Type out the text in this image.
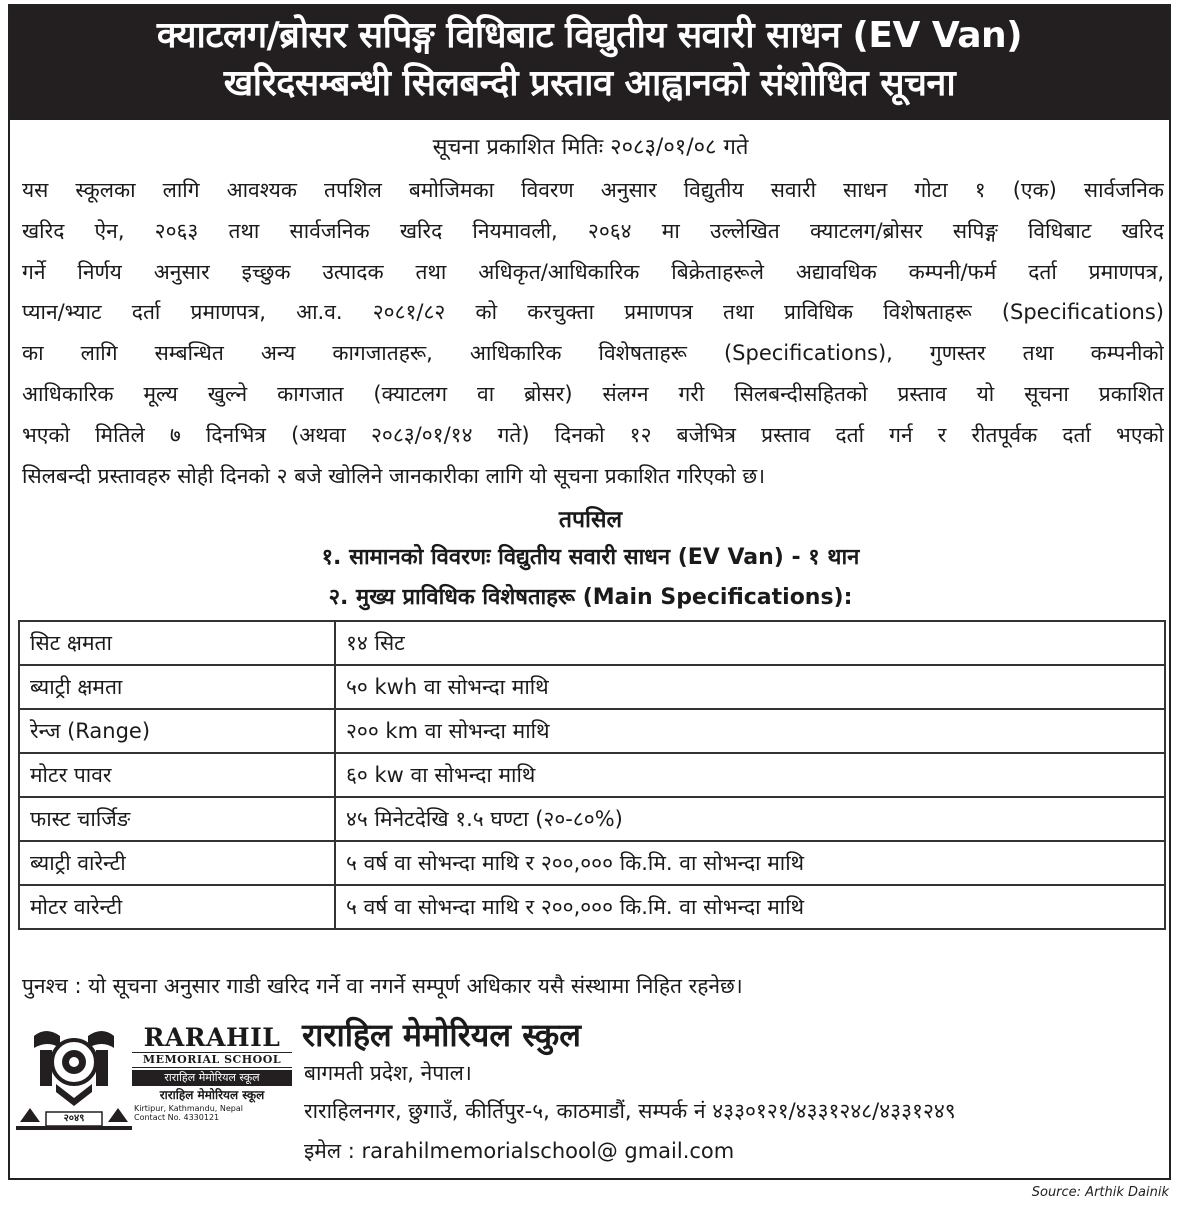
क्याटलग/ब्रोसर सपिङ्ग विधिबाट विद्युतीय सवारी साधन (EV Van)
खरिदसम्बन्धी सिलबन्दी प्रस्ताव आह्वानको संशोधित सूचना
सूचना प्रकाशित मितिः २०८३/०१/०८ गते
यस स्कूलका लागि आवश्यक तपशिल बमोजिमका विवरण अनुसार विद्युतीय सवारी साधन गोटा १ (एक) सार्वजनिक
खरिद ऐन, २०६३ तथा सार्वजनिक खरिद नियमावली, २०६४ मा उल्लेखित क्याटलग/ब्रोसर सपिङ्ग विधिबाट खरिद
गर्ने निर्णय अनुसार इच्छुक उत्पादक तथा अधिकृत/आधिकारिक बिक्रेताहरूले अद्यावधिक कम्पनी/फर्म दर्ता प्रमाणपत्र,
प्यान/भ्याट दर्ता प्रमाणपत्र, आ.व. २०८१/८२ को करचुक्ता प्रमाणपत्र तथा प्राविधिक विशेषताहरू (Specifications)
का लागि सम्बन्धित अन्य कागजातहरू, आधिकारिक विशेषताहरू (Specifications), गुणस्तर तथा कम्पनीको
आधिकारिक मूल्य खुल्ने कागजात (क्याटलग वा ब्रोसर) संलग्न गरी सिलबन्दीसहितको प्रस्ताव यो सूचना प्रकाशित
भएको मितिले ७ दिनभित्र (अथवा २०८३/०१/१४ गते) दिनको १२ बजेभित्र प्रस्ताव दर्ता गर्न र रीतपूर्वक दर्ता भएको
सिलबन्दी प्रस्तावहरु सोही दिनको २ बजे खोलिने जानकारीका लागि यो सूचना प्रकाशित गरिएको छ।
तपसिल
१. सामानको विवरणः विद्युतीय सवारी साधन (EV Van) - १ थान
२. मुख्य प्राविधिक विशेषताहरू (Main Specifications):
सिट क्षमता	१४ सिट
ब्याट्री क्षमता	५० kwh वा सोभन्दा माथि
रेन्ज (Range)	२०० km वा सोभन्दा माथि
मोटर पावर	६० kw वा सोभन्दा माथि
फास्ट चार्जिङ	४५ मिनेटदेखि १.५ घण्टा (२०-८०%)
ब्याट्री वारेन्टी	५ वर्ष वा सोभन्दा माथि र २००,००० कि.मि. वा सोभन्दा माथि
मोटर वारेन्टी	५ वर्ष वा सोभन्दा माथि र २००,००० कि.मि. वा सोभन्दा माथि
पुनश्च : यो सूचना अनुसार गाडी खरिद गर्ने वा नगर्ने सम्पूर्ण अधिकार यसै संस्थामा निहित रहनेछ।
२०४९
RARAHIL
MEMORIAL SCHOOL
राराहिल मेमोरियल स्कूल
राराहिल मेमोरियल स्कूल
Kirtipur, Kathmandu, Nepal
Contact No. 4330121
राराहिल मेमोरियल स्कुल
बागमती प्रदेश, नेपाल।
राराहिलनगर, छुगाउँ, कीर्तिपुर-५, काठमाडौं, सम्पर्क नं ४३३०१२१/४३३१२४८/४३३१२४९
इमेल : rarahilmemorialschool@ gmail.com
Source: Arthik Dainik
